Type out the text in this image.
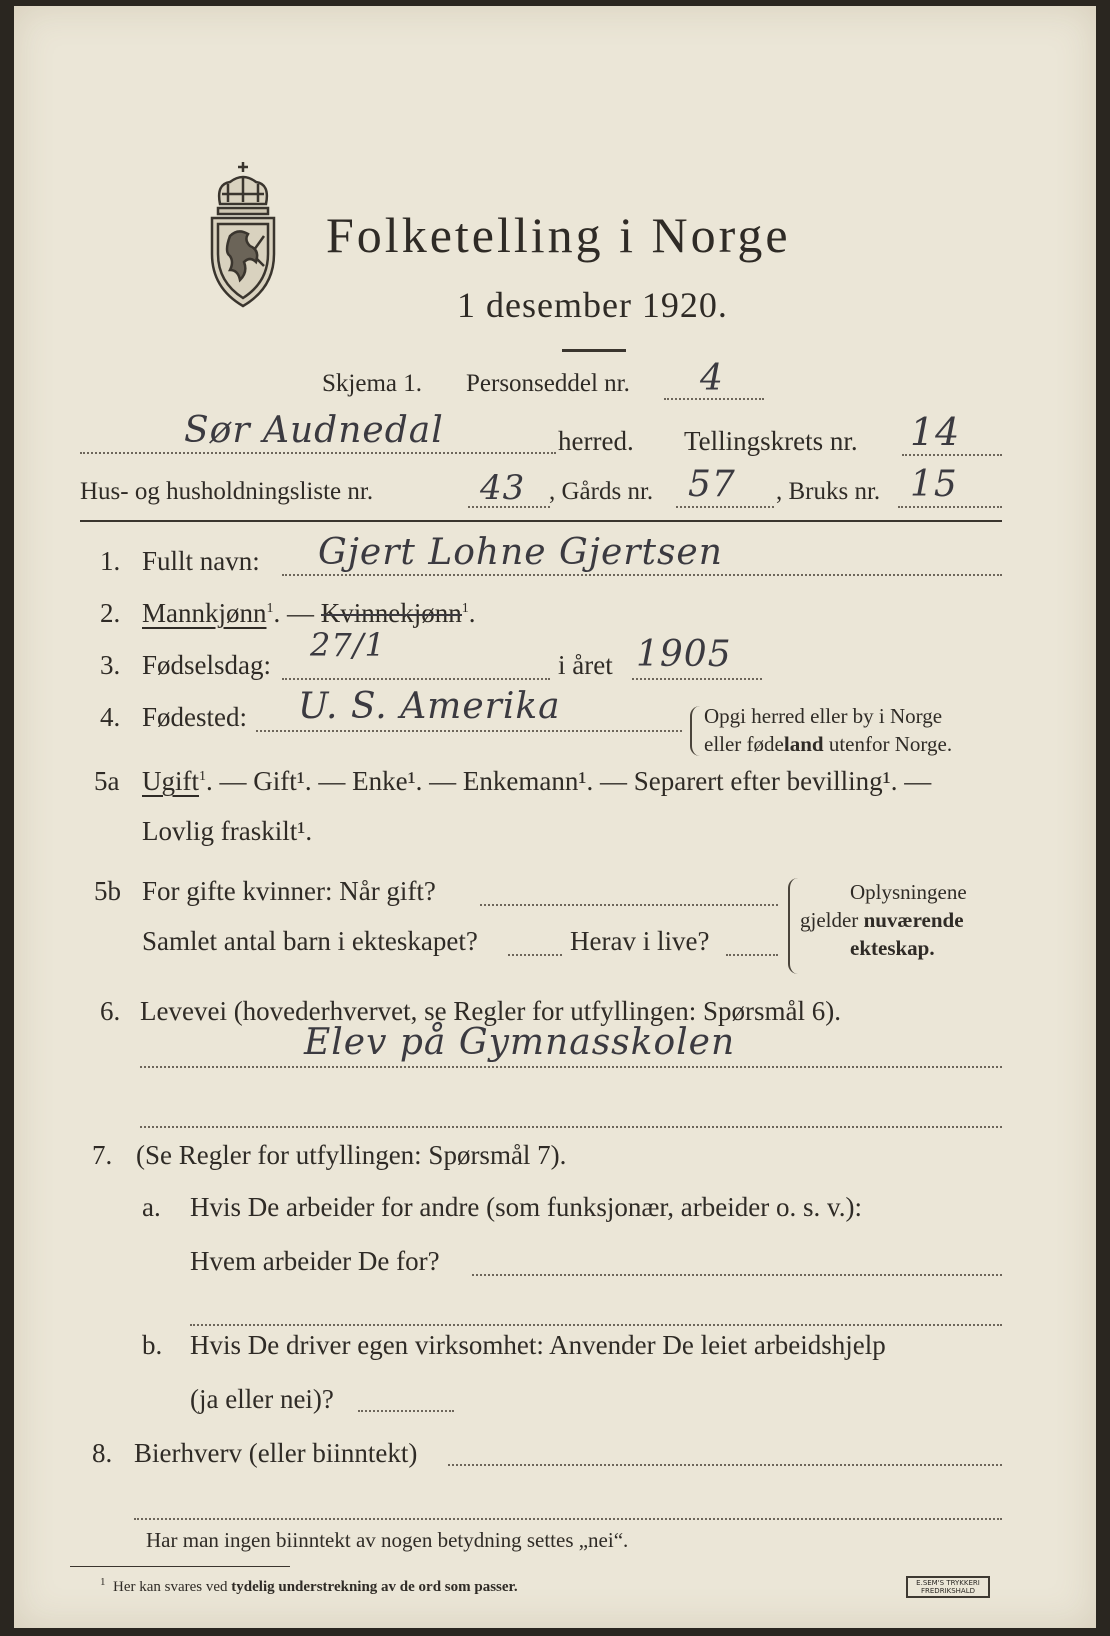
Folketelling i Norge
1 desember 1920.
Skjema 1. Personseddel nr. 4
Sør Audnedal	herred. Tellingskrets nr. 14
Hus- og husholdningsliste nr.	43 , Gårds nr. 57 , Bruks nr. 15
1. Fullt navn: Gjert Lohne Gjertsen
2. Mannkjønn$^1$. — Kvinnekjønn$^1$.
3. Fødselsdag:
27/1
i året 1905
4. Fødested: U. S. Amerika	Opgi herred eller by i Norge
eller fødeland utenfor Norge.
5a Ugift$^1$. — Gift¹. — Enke¹. — Enkemann¹. — Separert efter bevilling¹. —
Lovlig fraskilt¹.
5b For gifte kvinner: Når gift?
Samlet antal barn i ekteskapet?	Herav i live?
Oplysningene
gjelder nuværende
ekteskap.
6. Levevei (hovederhvervet, se Regler for utfyllingen: Spørsmål 6).
Elev på Gymnasskolen
7. (Se Regler for utfyllingen: Spørsmål 7).
a. Hvis De arbeider for andre (som funksjonær, arbeider o. s. v.):
Hvem arbeider De for?
b. Hvis De driver egen virksomhet: Anvender De leiet arbeidshjelp
(ja eller nei)?
8. Bierhverv (eller biinntekt)
Har man ingen biinntekt av nogen betydning settes „nei“.
$^1$ Her kan svares ved tydelig understrekning av de ord som passer.	E.SEM'S TRYKKERI FREDRIKSHALD
